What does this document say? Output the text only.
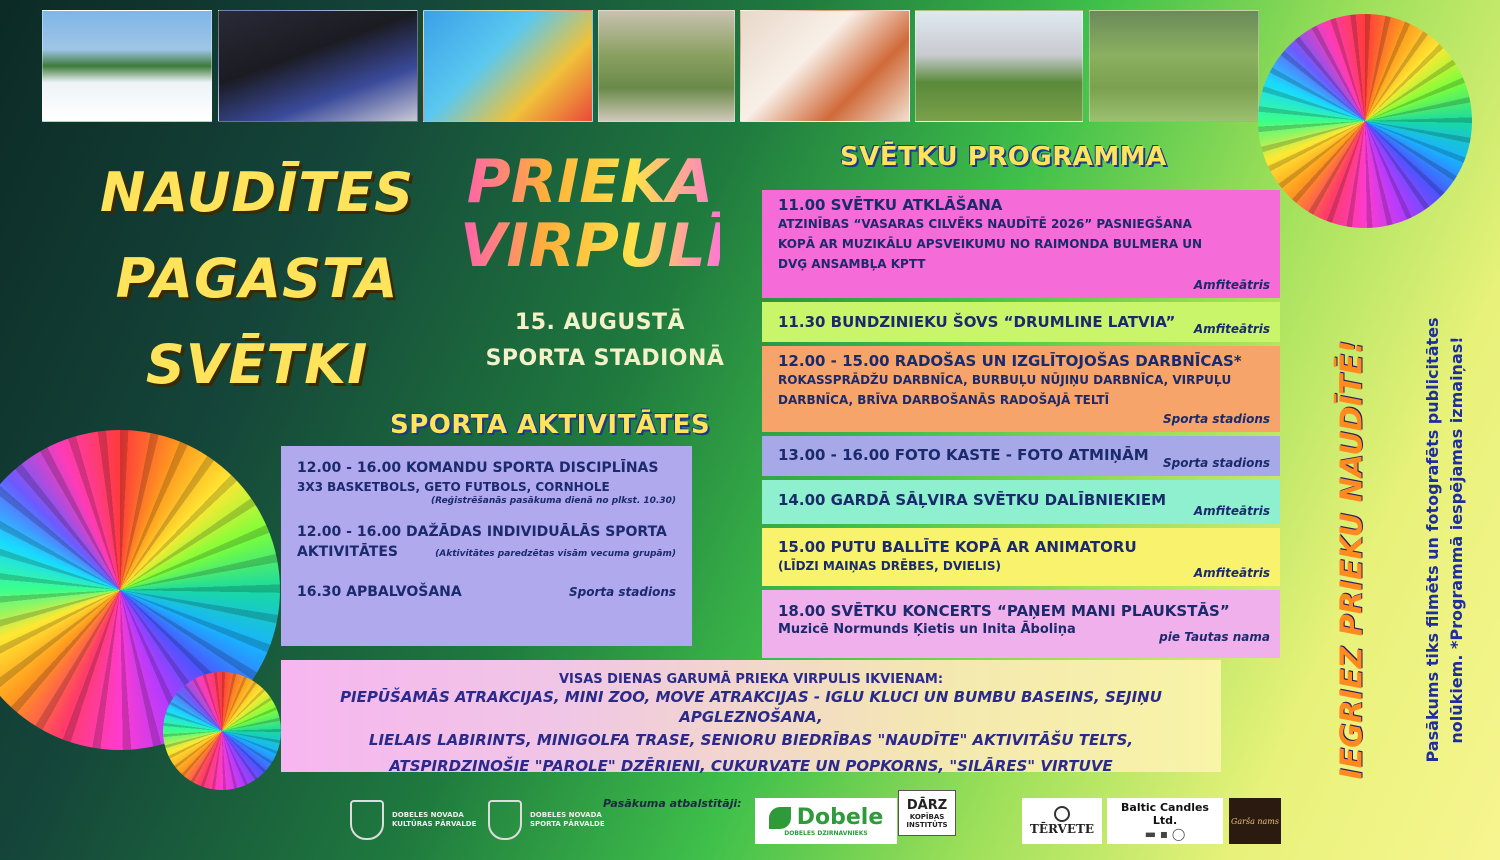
NAUDĪTES
PAGASTA
SVĒTKI
PRIEKA
VIRPULĪ
15. AUGUSTĀ
SPORTA STADIONĀ
SVĒTKU PROGRAMMA
SPORTA AKTIVITĀTES
11.00 SVĒTKU ATKLĀŠANA
ATZINĪBAS “VASARAS CILVĒKS NAUDĪTĒ 2026” PASNIEGŠANA
KOPĀ AR MUZIKĀLU APSVEIKUMU NO RAIMONDA BULMERA UN
DVĢ ANSAMBĻA KPTT
Amfiteātris
11.30 BUNDZINIEKU ŠOVS “DRUMLINE LATVIA”	Amfiteātris
12.00 - 15.00 RADOŠAS UN IZGLĪTOJOŠAS DARBNĪCAS*
ROKASSPRĀDŽU DARBNĪCA, BURBUĻU NŪJIŅU DARBNĪCA, VIRPUĻU
DARBNĪCA, BRĪVA DARBOŠANĀS RADOŠAJĀ TELTĪ
Sporta stadions
13.00 - 16.00 FOTO KASTE - FOTO ATMIŅĀM	Sporta stadions
14.00 GARDĀ SĀĻVIRA SVĒTKU DALĪBNIEKIEM
Amfiteātris
15.00 PUTU BALLĪTE KOPĀ AR ANIMATORU
(LĪDZI MAIŅAS DRĒBES, DVIELIS)	Amfiteātris
18.00 SVĒTKU KONCERTS “PAŅEM MANI PLAUKSTĀS”
Muzicē Normunds Ķietis un Inita Āboliņa	pie Tautas nama
12.00 - 16.00 KOMANDU SPORTA DISCIPLĪNAS
3X3 BASKETBOLS, GETO FUTBOLS, CORNHOLE
(Reģistrēšanās pasākuma dienā no plkst. 10.30)
12.00 - 16.00 DAŽĀDAS INDIVIDUĀLĀS SPORTA
AKTIVITĀTES	(Aktivitātes paredzētas visām vecuma grupām)
16.30 APBALVOŠANA	Sporta stadions
VISAS DIENAS GARUMĀ PRIEKA VIRPULIS IKVIENAM:
PIEPŪŠAMĀS ATRAKCIJAS, MINI ZOO, MOVE ATRAKCIJAS - IGLU KLUCI UN BUMBU BASEINS, SEJIŅU APGLEZNOŠANA,
LIELAIS LABIRINTS, MINIGOLFA TRASE, SENIORU BIEDRĪBAS "NAUDĪTE" AKTIVITĀŠU TELTS,
ATSPIRDZINOŠIE "PAROLE" DZĒRIENI, CUKURVATE UN POPKORNS, "SILĀRES" VIRTUVE	IEGRIEZ PRIEKU NAUDĪTĒ!	Pasākums tiks filmēts un fotografēts publicitātes nolūkiem. *Programmā iespējamas izmaiņas!
DOBELES NOVADA
KULTŪRAS PĀRVALDE
DOBELES NOVADA
SPORTA PĀRVALDE
Pasākuma atbalstītāji:
Dobele
DOBELES DZIRNAVNIEKS
DĀRZ
KOPĪBAS
INSTITŪTS	TĒRVETE
Baltic Candles Ltd.
▬ ▪ ◯
Garša nams
